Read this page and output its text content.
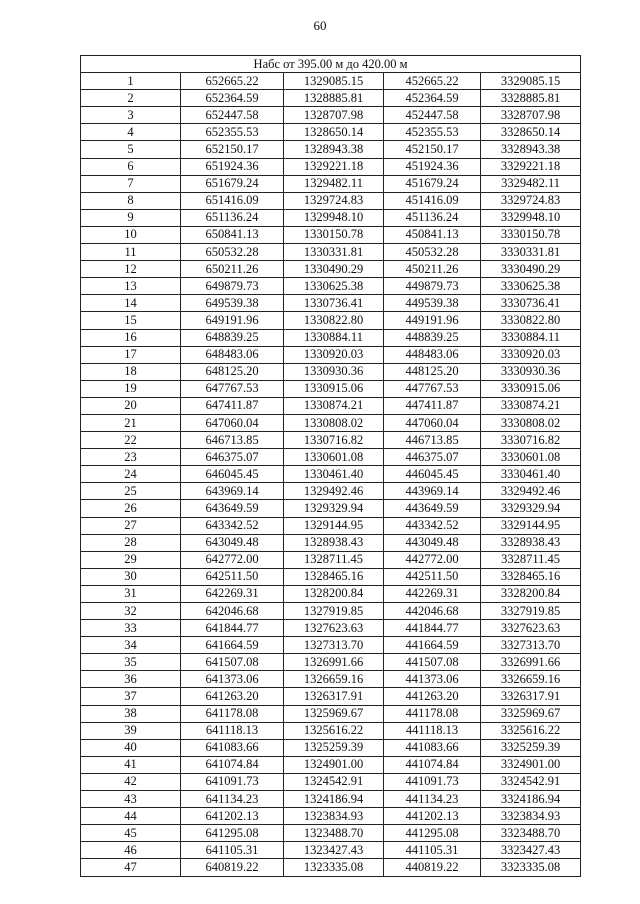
60
Набс от 395.00 м до 420.00 м				
1	652665.22	1329085.15	452665.22	3329085.15
2	652364.59	1328885.81	452364.59	3328885.81
3	652447.58	1328707.98	452447.58	3328707.98
4	652355.53	1328650.14	452355.53	3328650.14
5	652150.17	1328943.38	452150.17	3328943.38
6	651924.36	1329221.18	451924.36	3329221.18
7	651679.24	1329482.11	451679.24	3329482.11
8	651416.09	1329724.83	451416.09	3329724.83
9	651136.24	1329948.10	451136.24	3329948.10
10	650841.13	1330150.78	450841.13	3330150.78
11	650532.28	1330331.81	450532.28	3330331.81
12	650211.26	1330490.29	450211.26	3330490.29
13	649879.73	1330625.38	449879.73	3330625.38
14	649539.38	1330736.41	449539.38	3330736.41
15	649191.96	1330822.80	449191.96	3330822.80
16	648839.25	1330884.11	448839.25	3330884.11
17	648483.06	1330920.03	448483.06	3330920.03
18	648125.20	1330930.36	448125.20	3330930.36
19	647767.53	1330915.06	447767.53	3330915.06
20	647411.87	1330874.21	447411.87	3330874.21
21	647060.04	1330808.02	447060.04	3330808.02
22	646713.85	1330716.82	446713.85	3330716.82
23	646375.07	1330601.08	446375.07	3330601.08
24	646045.45	1330461.40	446045.45	3330461.40
25	643969.14	1329492.46	443969.14	3329492.46
26	643649.59	1329329.94	443649.59	3329329.94
27	643342.52	1329144.95	443342.52	3329144.95
28	643049.48	1328938.43	443049.48	3328938.43
29	642772.00	1328711.45	442772.00	3328711.45
30	642511.50	1328465.16	442511.50	3328465.16
31	642269.31	1328200.84	442269.31	3328200.84
32	642046.68	1327919.85	442046.68	3327919.85
33	641844.77	1327623.63	441844.77	3327623.63
34	641664.59	1327313.70	441664.59	3327313.70
35	641507.08	1326991.66	441507.08	3326991.66
36	641373.06	1326659.16	441373.06	3326659.16
37	641263.20	1326317.91	441263.20	3326317.91
38	641178.08	1325969.67	441178.08	3325969.67
39	641118.13	1325616.22	441118.13	3325616.22
40	641083.66	1325259.39	441083.66	3325259.39
41	641074.84	1324901.00	441074.84	3324901.00
42	641091.73	1324542.91	441091.73	3324542.91
43	641134.23	1324186.94	441134.23	3324186.94
44	641202.13	1323834.93	441202.13	3323834.93
45	641295.08	1323488.70	441295.08	3323488.70
46	641105.31	1323427.43	441105.31	3323427.43
47	640819.22	1323335.08	440819.22	3323335.08
